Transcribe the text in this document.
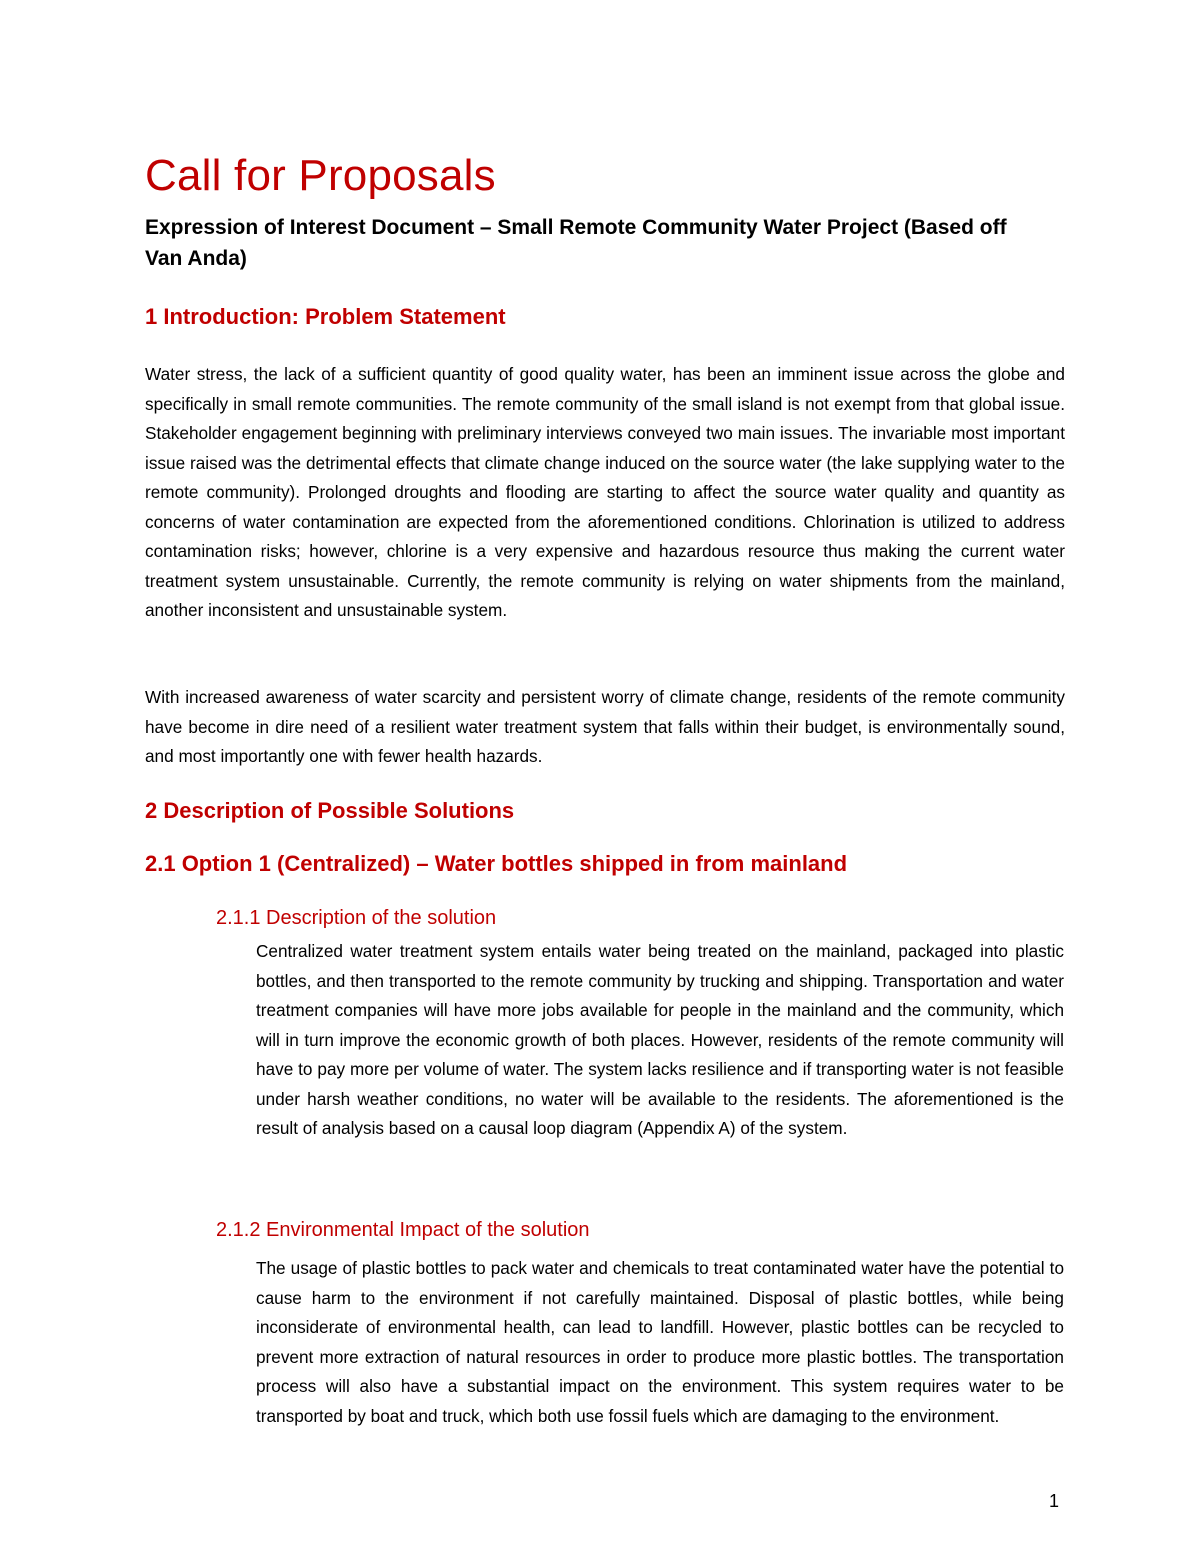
Call for Proposals

Expression of Interest Document – Small Remote Community Water Project (Based off Van Anda)

1 Introduction: Problem Statement

Water stress, the lack of a sufficient quantity of good quality water, has been an imminent issue across the globe and specifically in small remote communities. The remote community of the small island is not exempt from that global issue. Stakeholder engagement beginning with preliminary interviews conveyed two main issues. The invariable most important issue raised was the detrimental effects that climate change induced on the source water (the lake supplying water to the remote community). Prolonged droughts and flooding are starting to affect the source water quality and quantity as concerns of water contamination are expected from the aforementioned conditions. Chlorination is utilized to address contamination risks; however, chlorine is a very expensive and hazardous resource thus making the current water treatment system unsustainable. Currently, the remote community is relying on water shipments from the mainland, another inconsistent and unsustainable system.

With increased awareness of water scarcity and persistent worry of climate change, residents of the remote community have become in dire need of a resilient water treatment system that falls within their budget, is environmentally sound, and most importantly one with fewer health hazards.

2 Description of Possible Solutions
2.1 Option 1 (Centralized) – Water bottles shipped in from mainland
2.1.1 Description of the solution

Centralized water treatment system entails water being treated on the mainland, packaged into plastic bottles, and then transported to the remote community by trucking and shipping. Transportation and water treatment companies will have more jobs available for people in the mainland and the community, which will in turn improve the economic growth of both places. However, residents of the remote community will have to pay more per volume of water. The system lacks resilience and if transporting water is not feasible under harsh weather conditions, no water will be available to the residents. The aforementioned is the result of analysis based on a causal loop diagram (Appendix A) of the system.

2.1.2 Environmental Impact of the solution

The usage of plastic bottles to pack water and chemicals to treat contaminated water have the potential to cause harm to the environment if not carefully maintained. Disposal of plastic bottles, while being inconsiderate of environmental health, can lead to landfill. However, plastic bottles can be recycled to prevent more extraction of natural resources in order to produce more plastic bottles. The transportation process will also have a substantial impact on the environment. This system requires water to be transported by boat and truck, which both use fossil fuels which are damaging to the environment.

1
